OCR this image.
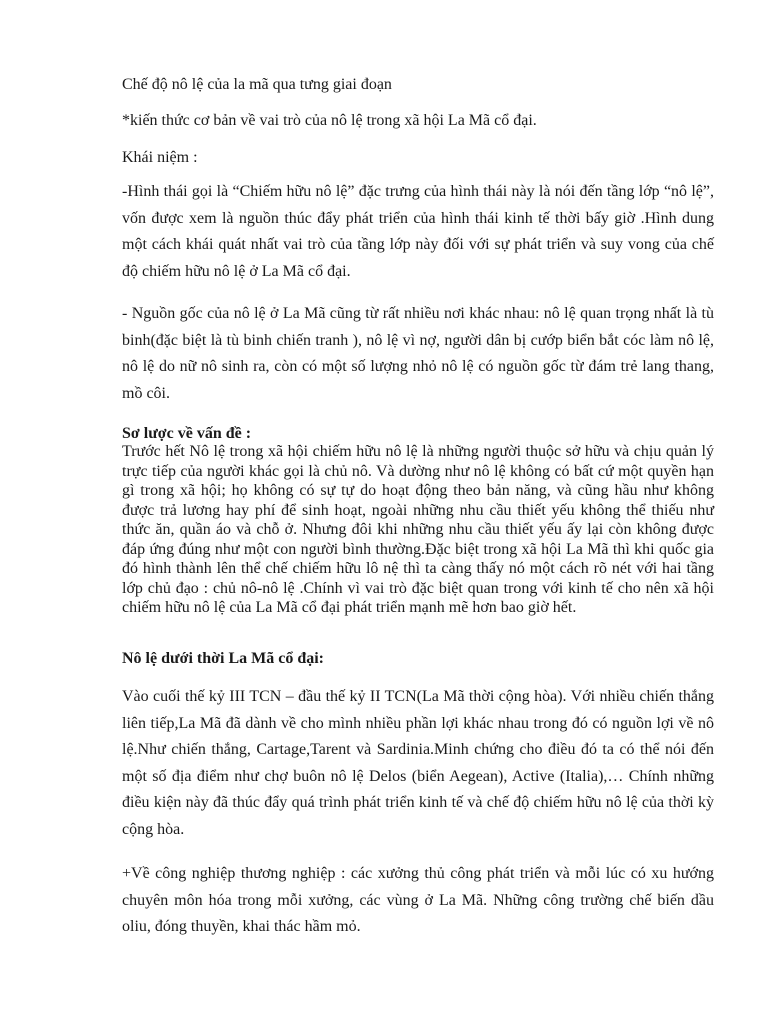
Chế độ nô lệ của la mã qua tưng giai đoạn

*kiến thức cơ bản về vai trò của nô lệ trong xã hội La Mã cổ đại.

Khái niệm :

-Hình thái gọi là “Chiếm hữu nô lệ” đặc trưng của hình thái này là nói đến tầng lớp “nô lệ”, vốn được xem là nguồn thúc đẩy phát triển của hình thái kinh tế thời bấy giờ .Hình dung một cách khái quát nhất vai trò của tầng lớp này đối với sự phát triển và suy vong của chế độ chiếm hữu nô lệ ở La Mã cổ đại.

- Nguồn gốc của nô lệ ở La Mã cũng từ rất nhiều nơi khác nhau: nô lệ quan trọng nhất là tù binh(đặc biệt là tù binh chiến tranh ), nô lệ vì nợ, người dân bị cướp biển bắt cóc làm nô lệ, nô lệ do nữ nô sinh ra, còn có một số lượng nhỏ nô lệ có nguồn gốc từ đám trẻ lang thang, mồ côi.

Sơ lược về vấn đề :

Trước hết Nô lệ trong xã hội chiếm hữu nô lệ là những người thuộc sở hữu và chịu quản lý trực tiếp của người khác gọi là chủ nô. Và dường như nô lệ không có bất cứ một quyền hạn gì trong xã hội; họ không có sự tự do hoạt động theo bản năng, và cũng hầu như không được trả lương hay phí để sinh hoạt, ngoài những nhu cầu thiết yếu không thể thiếu như thức ăn, quần áo và chỗ ở. Nhưng đôi khi những nhu cầu thiết yếu ấy lại còn không được đáp ứng đúng như một con người bình thường.Đặc biệt trong xã hội La Mã thì khi quốc gia đó hình thành lên thể chế chiếm hữu lô nệ thì ta càng thấy nó một cách rõ nét với hai tầng lớp chủ đạo : chủ nô-nô lệ .Chính vì vai trò đặc biệt quan trong với kinh tế cho nên xã hội chiếm hữu nô lệ của La Mã cổ đại phát triển mạnh mẽ hơn bao giờ hết.

Nô lệ dưới thời La Mã cổ đại:

Vào cuối thế kỷ III TCN – đầu thế kỷ II TCN(La Mã thời cộng hòa). Với nhiều chiến thắng liên tiếp,La Mã đã dành về cho mình nhiều phần lợi khác nhau trong đó có nguồn lợi về nô lệ.Như chiến thắng, Cartage,Tarent và Sardinia.Minh chứng cho điều đó ta có thể nói đến một số địa điểm như chợ buôn nô lệ Delos (biển Aegean), Active (Italia),… Chính những điều kiện này đã thúc đẩy quá trình phát triển kinh tế và chế độ chiếm hữu nô lệ của thời kỳ cộng hòa.

+Về công nghiệp thương nghiệp : các xưởng thủ công phát triển và mỗi lúc có xu hướng chuyên môn hóa trong mỗi xưởng, các vùng ở La Mã. Những công trường chế biến dầu oliu, đóng thuyền, khai thác hầm mỏ.
